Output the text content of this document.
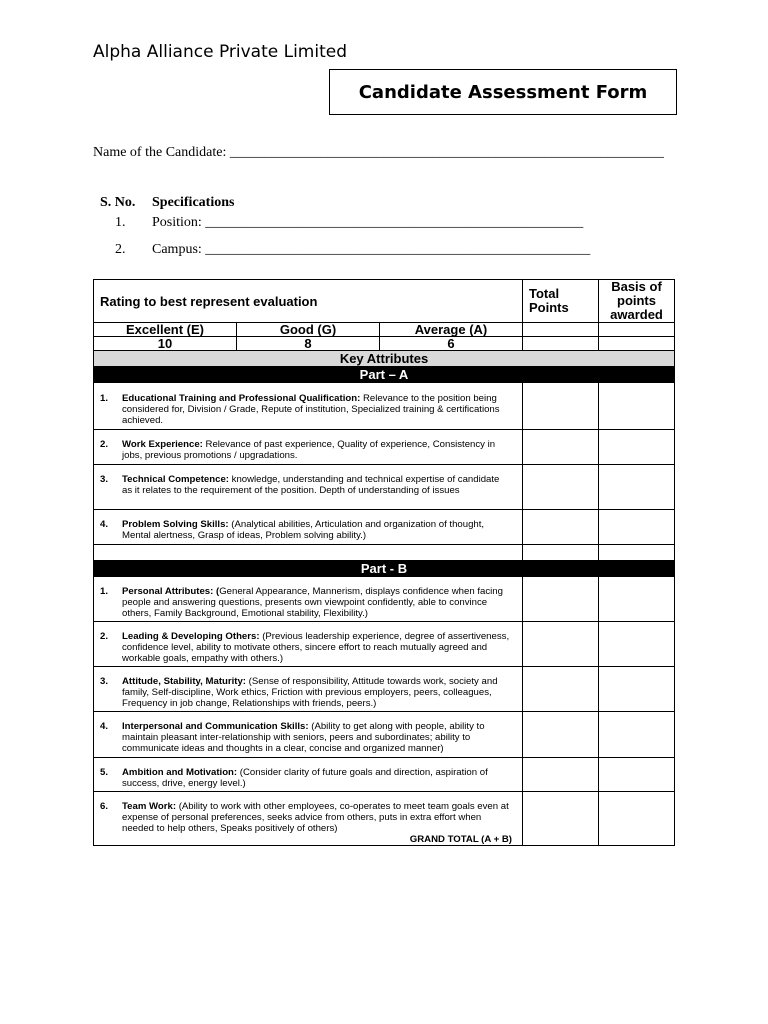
Alpha Alliance Private Limited
Candidate Assessment Form
Name of the Candidate: ______________________________________________________________
S. No. Specifications
1. Position: ______________________________________________________
2. Campus: _______________________________________________________
Rating to best represent evaluation			Total Points	Basis of points awarded
Excellent (E)	Good (G)	Average (A)		
10	8	6		
Key Attributes				
Part – A				
1. Educational Training and Professional Qualification: Relevance to the position being considered for, Division / Grade, Repute of institution, Specialized training & certifications achieved.				
2. Work Experience: Relevance of past experience, Quality of experience, Consistency in jobs, previous promotions / upgradations.				
3. Technical Competence: knowledge, understanding and technical expertise of candidate as it relates to the requirement of the position. Depth of understanding of issues				
4. Problem Solving Skills: (Analytical abilities, Articulation and organization of thought, Mental alertness, Grasp of ideas, Problem solving ability.)				

Part - B				
1. Personal Attributes: (General Appearance, Mannerism, displays confidence when facing people and answering questions, presents own viewpoint confidently, able to convince others, Family Background, Emotional stability, Flexibility.)				
2. Leading & Developing Others: (Previous leadership experience, degree of assertiveness, confidence level, ability to motivate others, sincere effort to reach mutually agreed and workable goals, empathy with others.)				
3. Attitude, Stability, Maturity: (Sense of responsibility, Attitude towards work, society and family, Self-discipline, Work ethics, Friction with previous employers, peers, colleagues, Frequency in job change, Relationships with friends, peers.)				
4. Interpersonal and Communication Skills: (Ability to get along with people, ability to maintain pleasant inter-relationship with seniors, peers and subordinates; ability to communicate ideas and thoughts in a clear, concise and organized manner)				
5. Ambition and Motivation: (Consider clarity of future goals and direction, aspiration of success, drive, energy level.)				
6. Team Work: (Ability to work with other employees, co-operates to meet team goals even at expense of personal preferences, seeks advice from others, puts in extra effort when needed to help others, Speaks positively of others)

GRAND TOTAL (A + B)				
